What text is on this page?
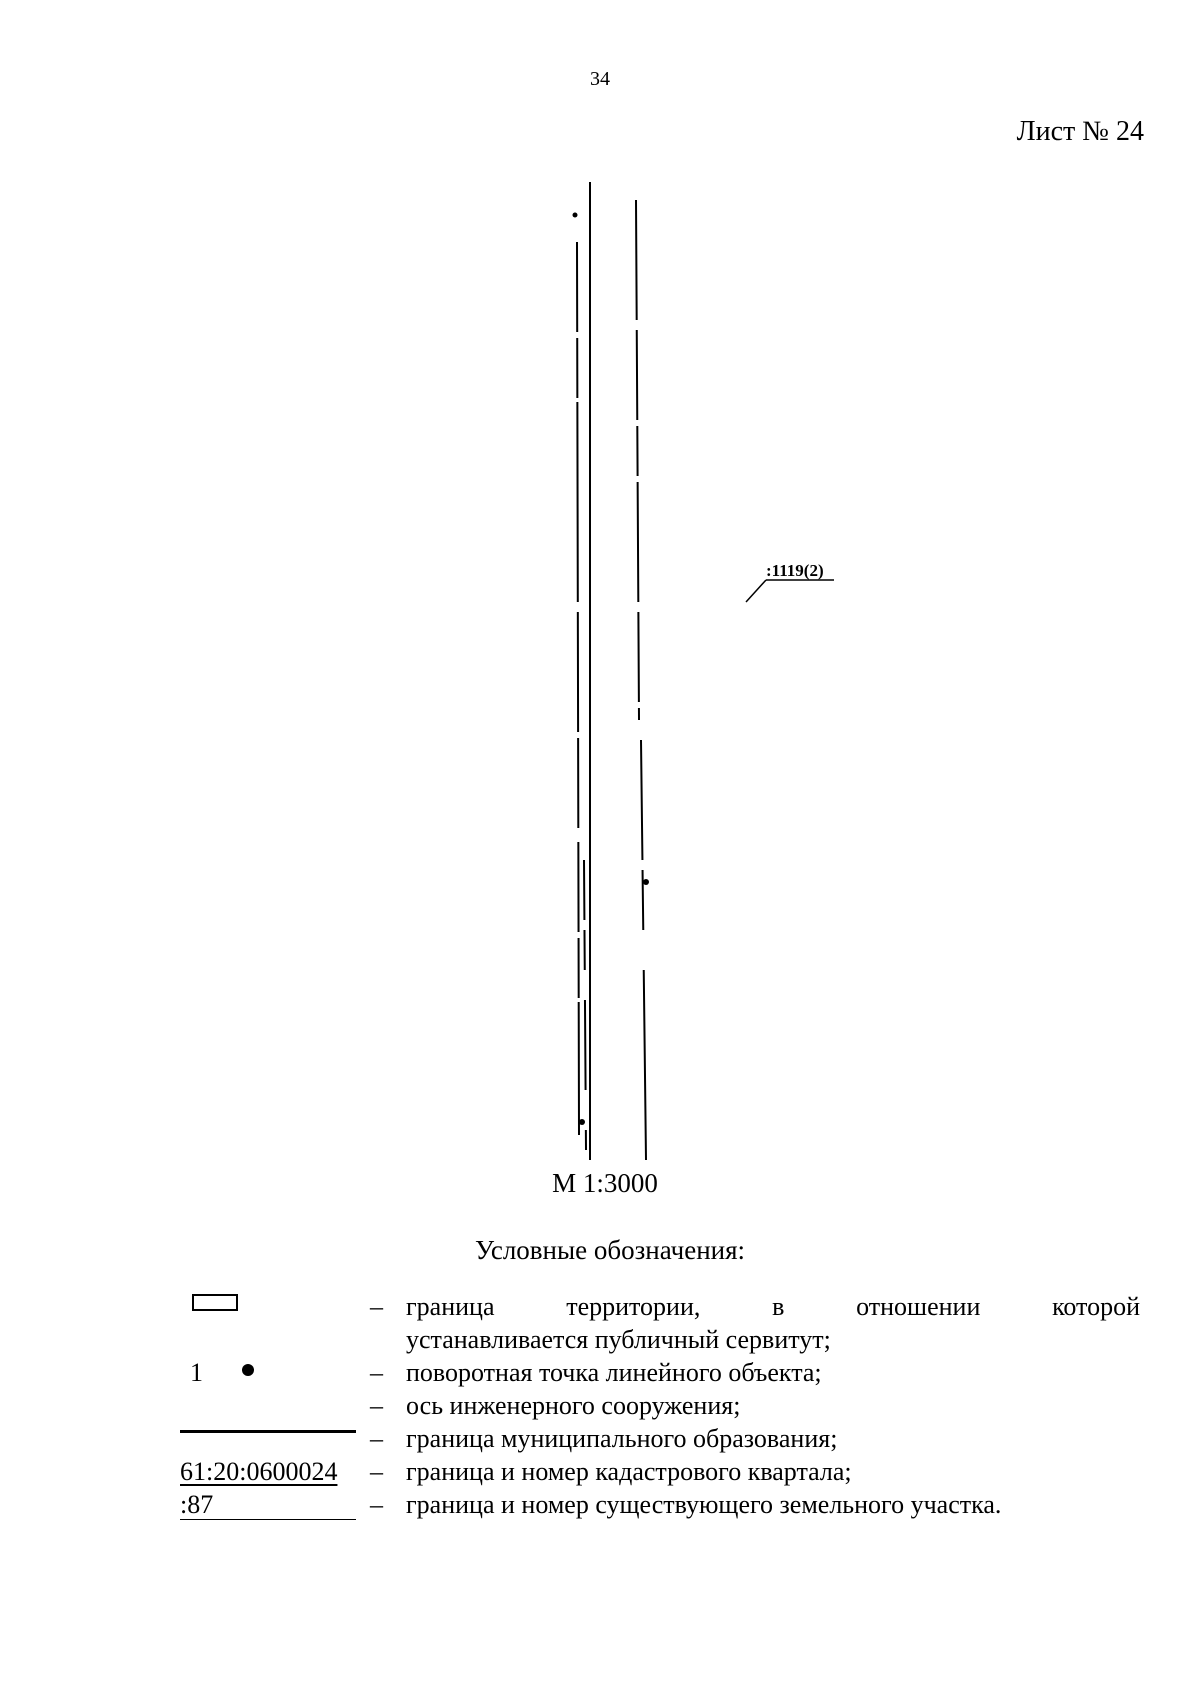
34
Лист № 24
:1119(2)
М 1:3000
Условные обозначения:
– граница территории, в отношении которой
устанавливается публичный сервитут;
1	– поворотная точка линейного объекта;
– ось инженерного сооружения;
– граница муниципального образования;
61:20:0600024	– граница и номер кадастрового квартала;
:87	– граница и номер существующего земельного участка.
